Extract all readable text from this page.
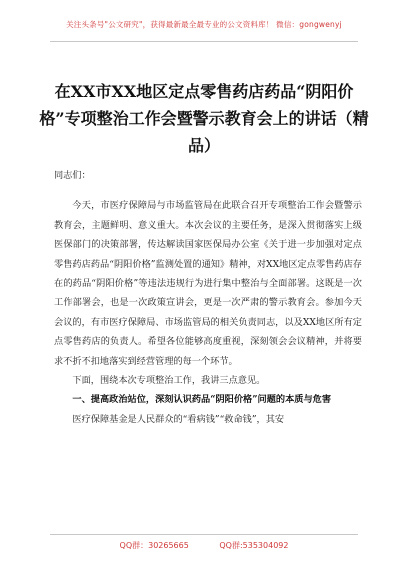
关注头条号"公文研究"，获得最新最全最专业的公文资料库！ 微信：gongwenyj
在XX市XX地区定点零售药店药品“阴阳价格”专项整治工作会暨警示教育会上的讲话（精品）

同志们：

今天，市医疗保障局与市场监管局在此联合召开专项整治工作会暨警示教育会，主题鲜明、意义重大。本次会议的主要任务，是深入贯彻落实上级医保部门的决策部署，传达解读国家医保局办公室《关于进一步加强对定点零售药店药品“阴阳价格”监测处置的通知》精神，对XX地区定点零售药店存在的药品“阴阳价格”等违法违规行为进行集中整治与全面部署。这既是一次工作部署会，也是一次政策宣讲会，更是一次严肃的警示教育会。参加今天会议的，有市医疗保障局、市场监管局的相关负责同志，以及XX地区所有定点零售药店的负责人。希望各位能够高度重视，深刻领会会议精神，并将要求不折不扣地落实到经营管理的每一个环节。

下面，围绕本次专项整治工作，我讲三点意见。

一、提高政治站位，深刻认识药品“阴阳价格”问题的本质与危害

医疗保障基金是人民群众的“看病钱”“救命钱”，其安

QQ群：30265665	QQ群:535304092
